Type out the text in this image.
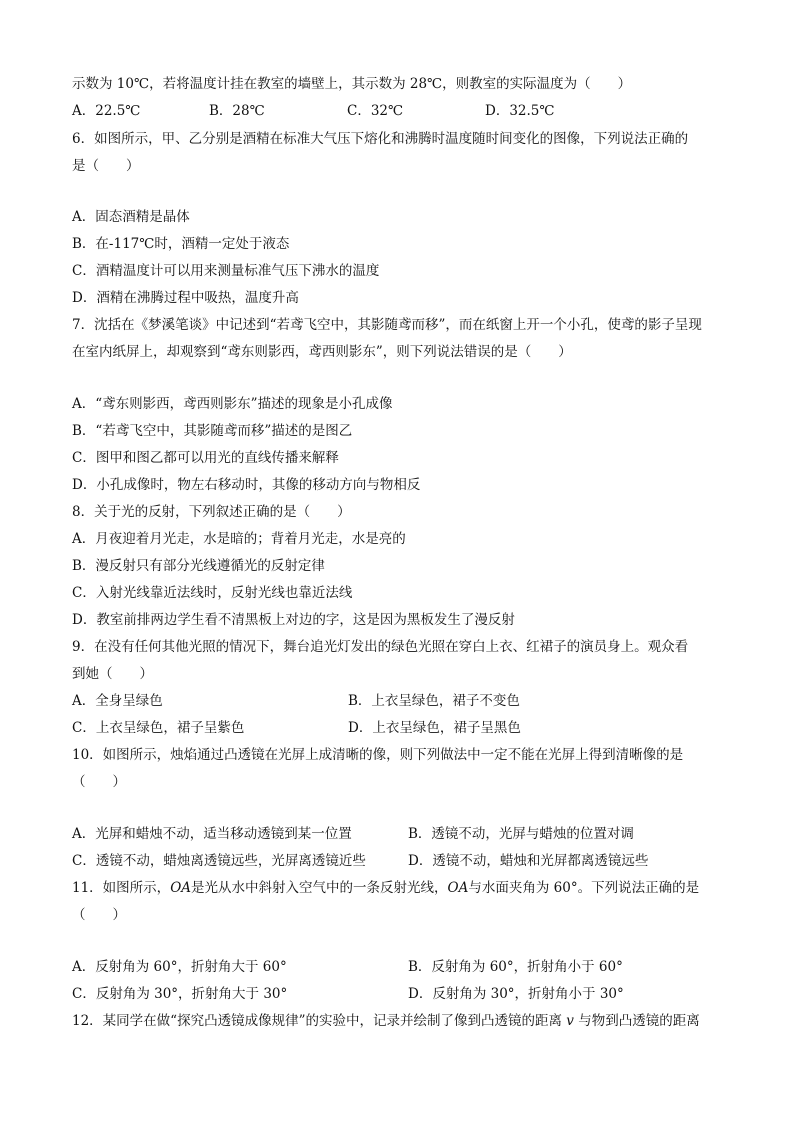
示数为 10℃，若将温度计挂在教室的墙壁上，其示数为 28℃，则教室的实际温度为（　　）
A．22.5℃	B．28℃	C．32℃	D．32.5℃
6．如图所示，甲、乙分别是酒精在标准大气压下熔化和沸腾时温度随时间变化的图像，下列说法正确的
是（　　）
A．固态酒精是晶体
B．在-117℃时，酒精一定处于液态
C．酒精温度计可以用来测量标准气压下沸水的温度
D．酒精在沸腾过程中吸热，温度升高
7．沈括在《梦溪笔谈》中记述到“若鸢飞空中，其影随鸢而移”，而在纸窗上开一个小孔，使鸢的影子呈现
在室内纸屏上，却观察到“鸢东则影西，鸢西则影东”，则下列说法错误的是（　　）
A．“鸢东则影西，鸢西则影东”描述的现象是小孔成像
B．“若鸢飞空中，其影随鸢而移”描述的是图乙
C．图甲和图乙都可以用光的直线传播来解释
D．小孔成像时，物左右移动时，其像的移动方向与物相反
8．关于光的反射，下列叙述正确的是（　　）
A．月夜迎着月光走，水是暗的；背着月光走，水是亮的
B．漫反射只有部分光线遵循光的反射定律
C．入射光线靠近法线时，反射光线也靠近法线
D．教室前排两边学生看不清黑板上对边的字，这是因为黑板发生了漫反射
9．在没有任何其他光照的情况下，舞台追光灯发出的绿色光照在穿白上衣、红裙子的演员身上。观众看
到她（　　）
A．全身呈绿色	B．上衣呈绿色，裙子不变色
C．上衣呈绿色，裙子呈紫色	D．上衣呈绿色，裙子呈黑色
10．如图所示，烛焰通过凸透镜在光屏上成清晰的像，则下列做法中一定不能在光屏上得到清晰像的是
（　　）
A．光屏和蜡烛不动，适当移动透镜到某一位置	B．透镜不动，光屏与蜡烛的位置对调
C．透镜不动，蜡烛离透镜远些，光屏离透镜近些	D．透镜不动，蜡烛和光屏都离透镜远些
11．如图所示，OA是光从水中斜射入空气中的一条反射光线，OA与水面夹角为 60°。下列说法正确的是
（　　）
A．反射角为 60°，折射角大于 60°	B．反射角为 60°，折射角小于 60°
C．反射角为 30°，折射角大于 30°	D．反射角为 30°，折射角小于 30°
12．某同学在做“探究凸透镜成像规律”的实验中，记录并绘制了像到凸透镜的距离 v 与物到凸透镜的距离
